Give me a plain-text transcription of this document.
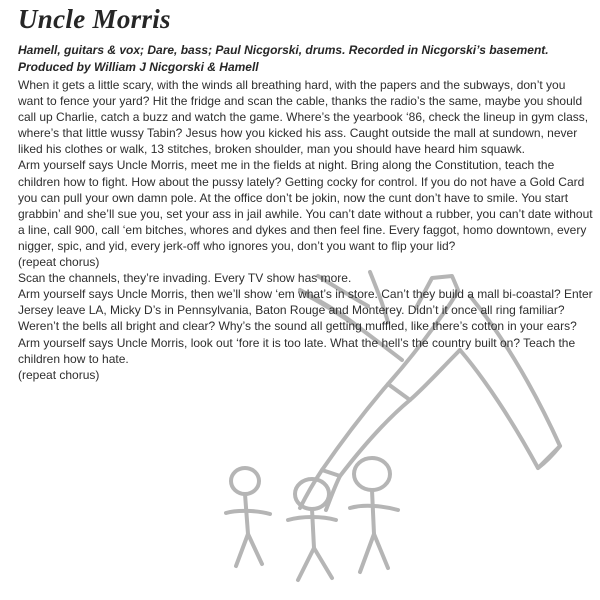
Uncle Morris
Hamell, guitars & vox; Dare, bass; Paul Nicgorski, drums. Recorded in Nicgorski’s basement.
Produced by William J Nicgorski & Hamell

When it gets a little scary, with the winds all breathing hard, with the papers and the subways, don’t you want to fence your yard? Hit the fridge and scan the cable, thanks the radio’s the same, maybe you should call up Charlie, catch a buzz and watch the game. Where’s the yearbook ‘86, check the lineup in gym class, where’s that little wussy Tabin? Jesus how you kicked his ass. Caught outside the mall at sundown, never liked his clothes or walk, 13 stitches, broken shoulder, man you should have heard him squawk.

Arm yourself says Uncle Morris, meet me in the fields at night. Bring along the Constitution, teach the children how to fight. How about the pussy lately? Getting cocky for control. If you do not have a Gold Card you can pull your own damn pole. At the office don’t be jokin, now the cunt don’t have to smile. You start grabbin’ and she’ll sue you, set your ass in jail awhile. You can’t date without a rubber, you can’t date without a line, call 900, call ‘em bitches, whores and dykes and then feel fine. Every faggot, homo downtown, every nigger, spic, and yid, every jerk-off who ignores you, don’t you want to flip your lid?

(repeat chorus)

Scan the channels, they’re invading. Every TV show has more.

Arm yourself says Uncle Morris, then we’ll show ‘em what’s in store. Can’t they build a mall bi-coastal? Enter Jersey leave LA, Micky D’s in Pennsylvania, Baton Rouge and Monterey. Didn’t it once all ring familiar? Weren’t the bells all bright and clear? Why’s the sound all getting muffled, like there’s cotton in your ears? Arm yourself says Uncle Morris, look out ‘fore it is too late. What the hell’s the country built on? Teach the children how to hate.

(repeat chorus)
